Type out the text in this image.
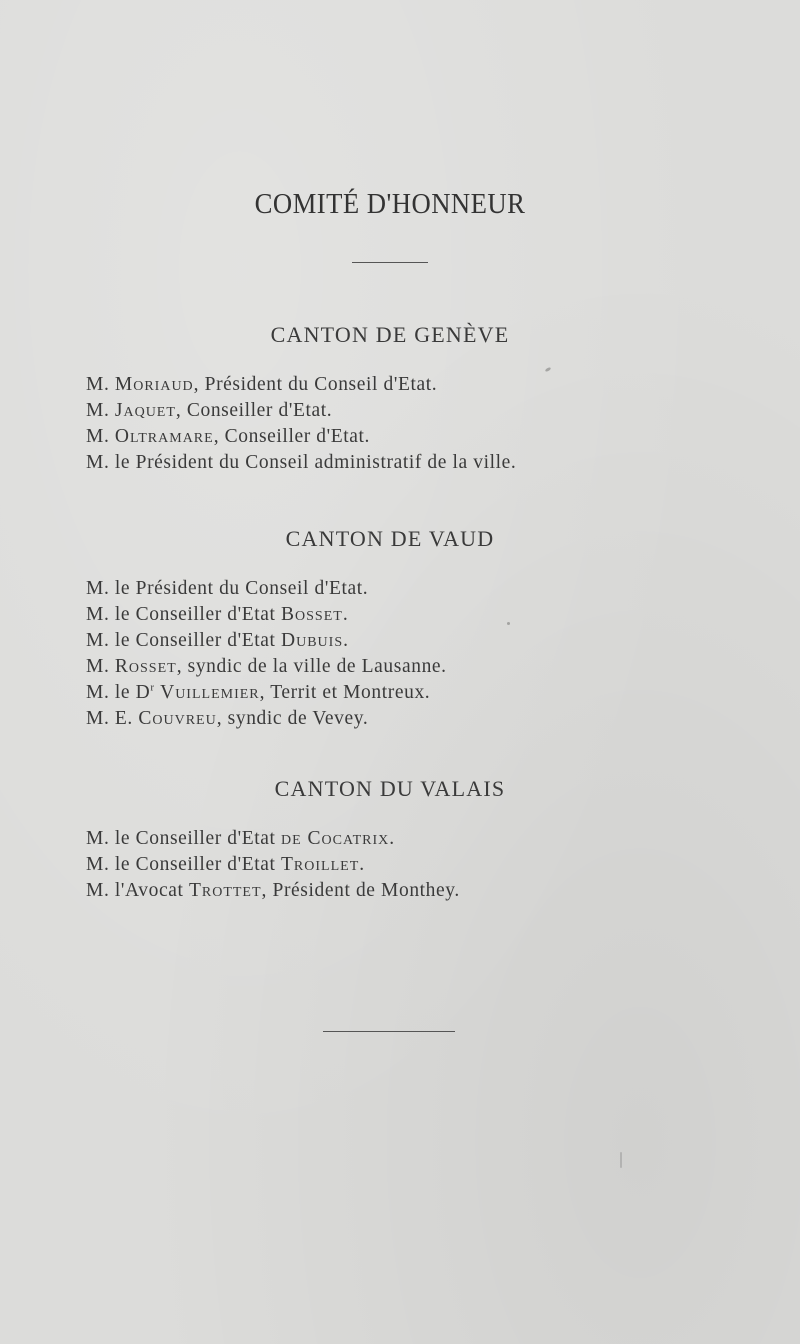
COMITÉ D'HONNEUR
CANTON DE GENÈVE
M. Moriaud, Président du Conseil d'Etat.
M. Jaquet, Conseiller d'Etat.
M. Oltramare, Conseiller d'Etat.
M. le Président du Conseil administratif de la ville.
CANTON DE VAUD
M. le Président du Conseil d'Etat.
M. le Conseiller d'Etat Bosset.
M. le Conseiller d'Etat Dubuis.
M. Rosset, syndic de la ville de Lausanne.
M. le $D^r$ Vuillemier, Territ et Montreux.
M. E. Couvreu, syndic de Vevey.
CANTON DU VALAIS
M. le Conseiller d'Etat de Cocatrix.
M. le Conseiller d'Etat Troillet.
M. l'Avocat Trottet, Président de Monthey.
